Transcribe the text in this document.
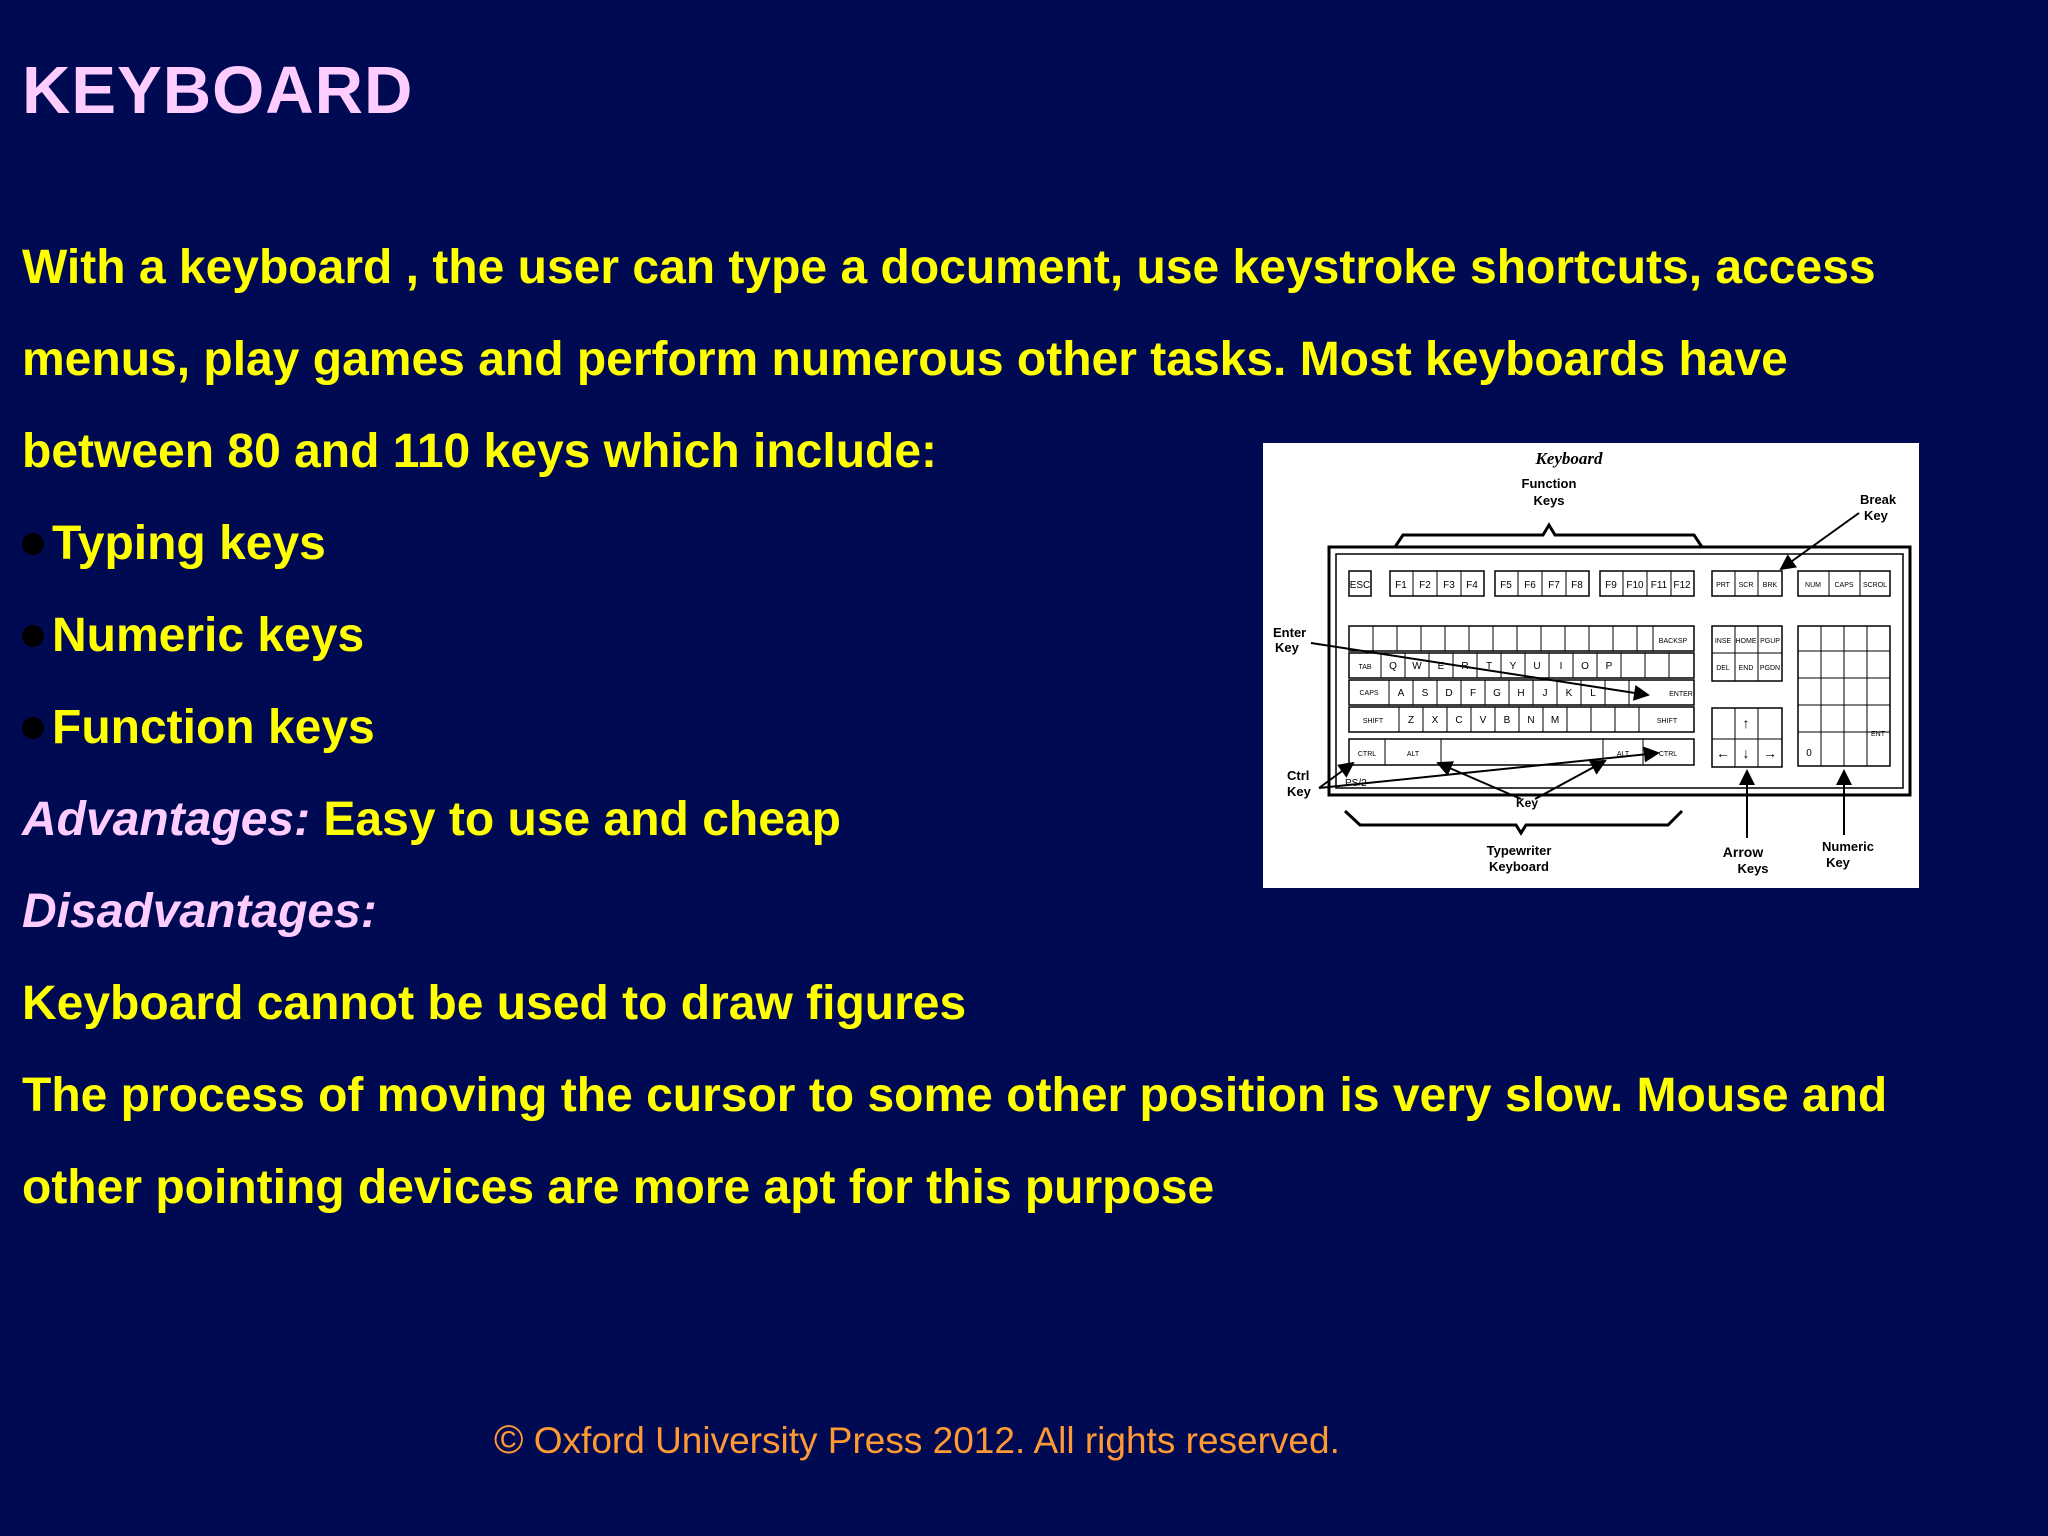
KEYBOARD
With a keyboard , the user can type a document, use keystroke shortcuts, access
menus, play games and perform numerous other tasks. Most keyboards have
between 80 and 110 keys which include:
Typing keys
Numeric keys
Function keys
Advantages: Easy to use and cheap
Disadvantages:
Keyboard cannot be used to draw figures
The process of moving the cursor to some other position is very slow. Mouse and
other pointing devices are more apt for this purpose
Keyboard
Function
Keys	Break
Key
Enter
Key
Ctrl
Key
Key
Typewriter
Keyboard
Arrow
Keys
Numeric
Key
ESC F1 F2 F3 F4 F5 F6 F7 F8 F9 F10 F11 F12	PRT SCR BRK	NUM CAPS SCROL
BACKSP
TAB
CAPS
SHIFT	SHIFT
ENTER
CTRL	ALT	ALT	CTRL
INSE HOME PGUP
DEL END PGDN
0
ENT
Q W E R T Y U I O P
A S D F G H J K L
Z X C V B N M	↑
← ↓ →
PS/2
© Oxford University Press 2012. All rights reserved.
